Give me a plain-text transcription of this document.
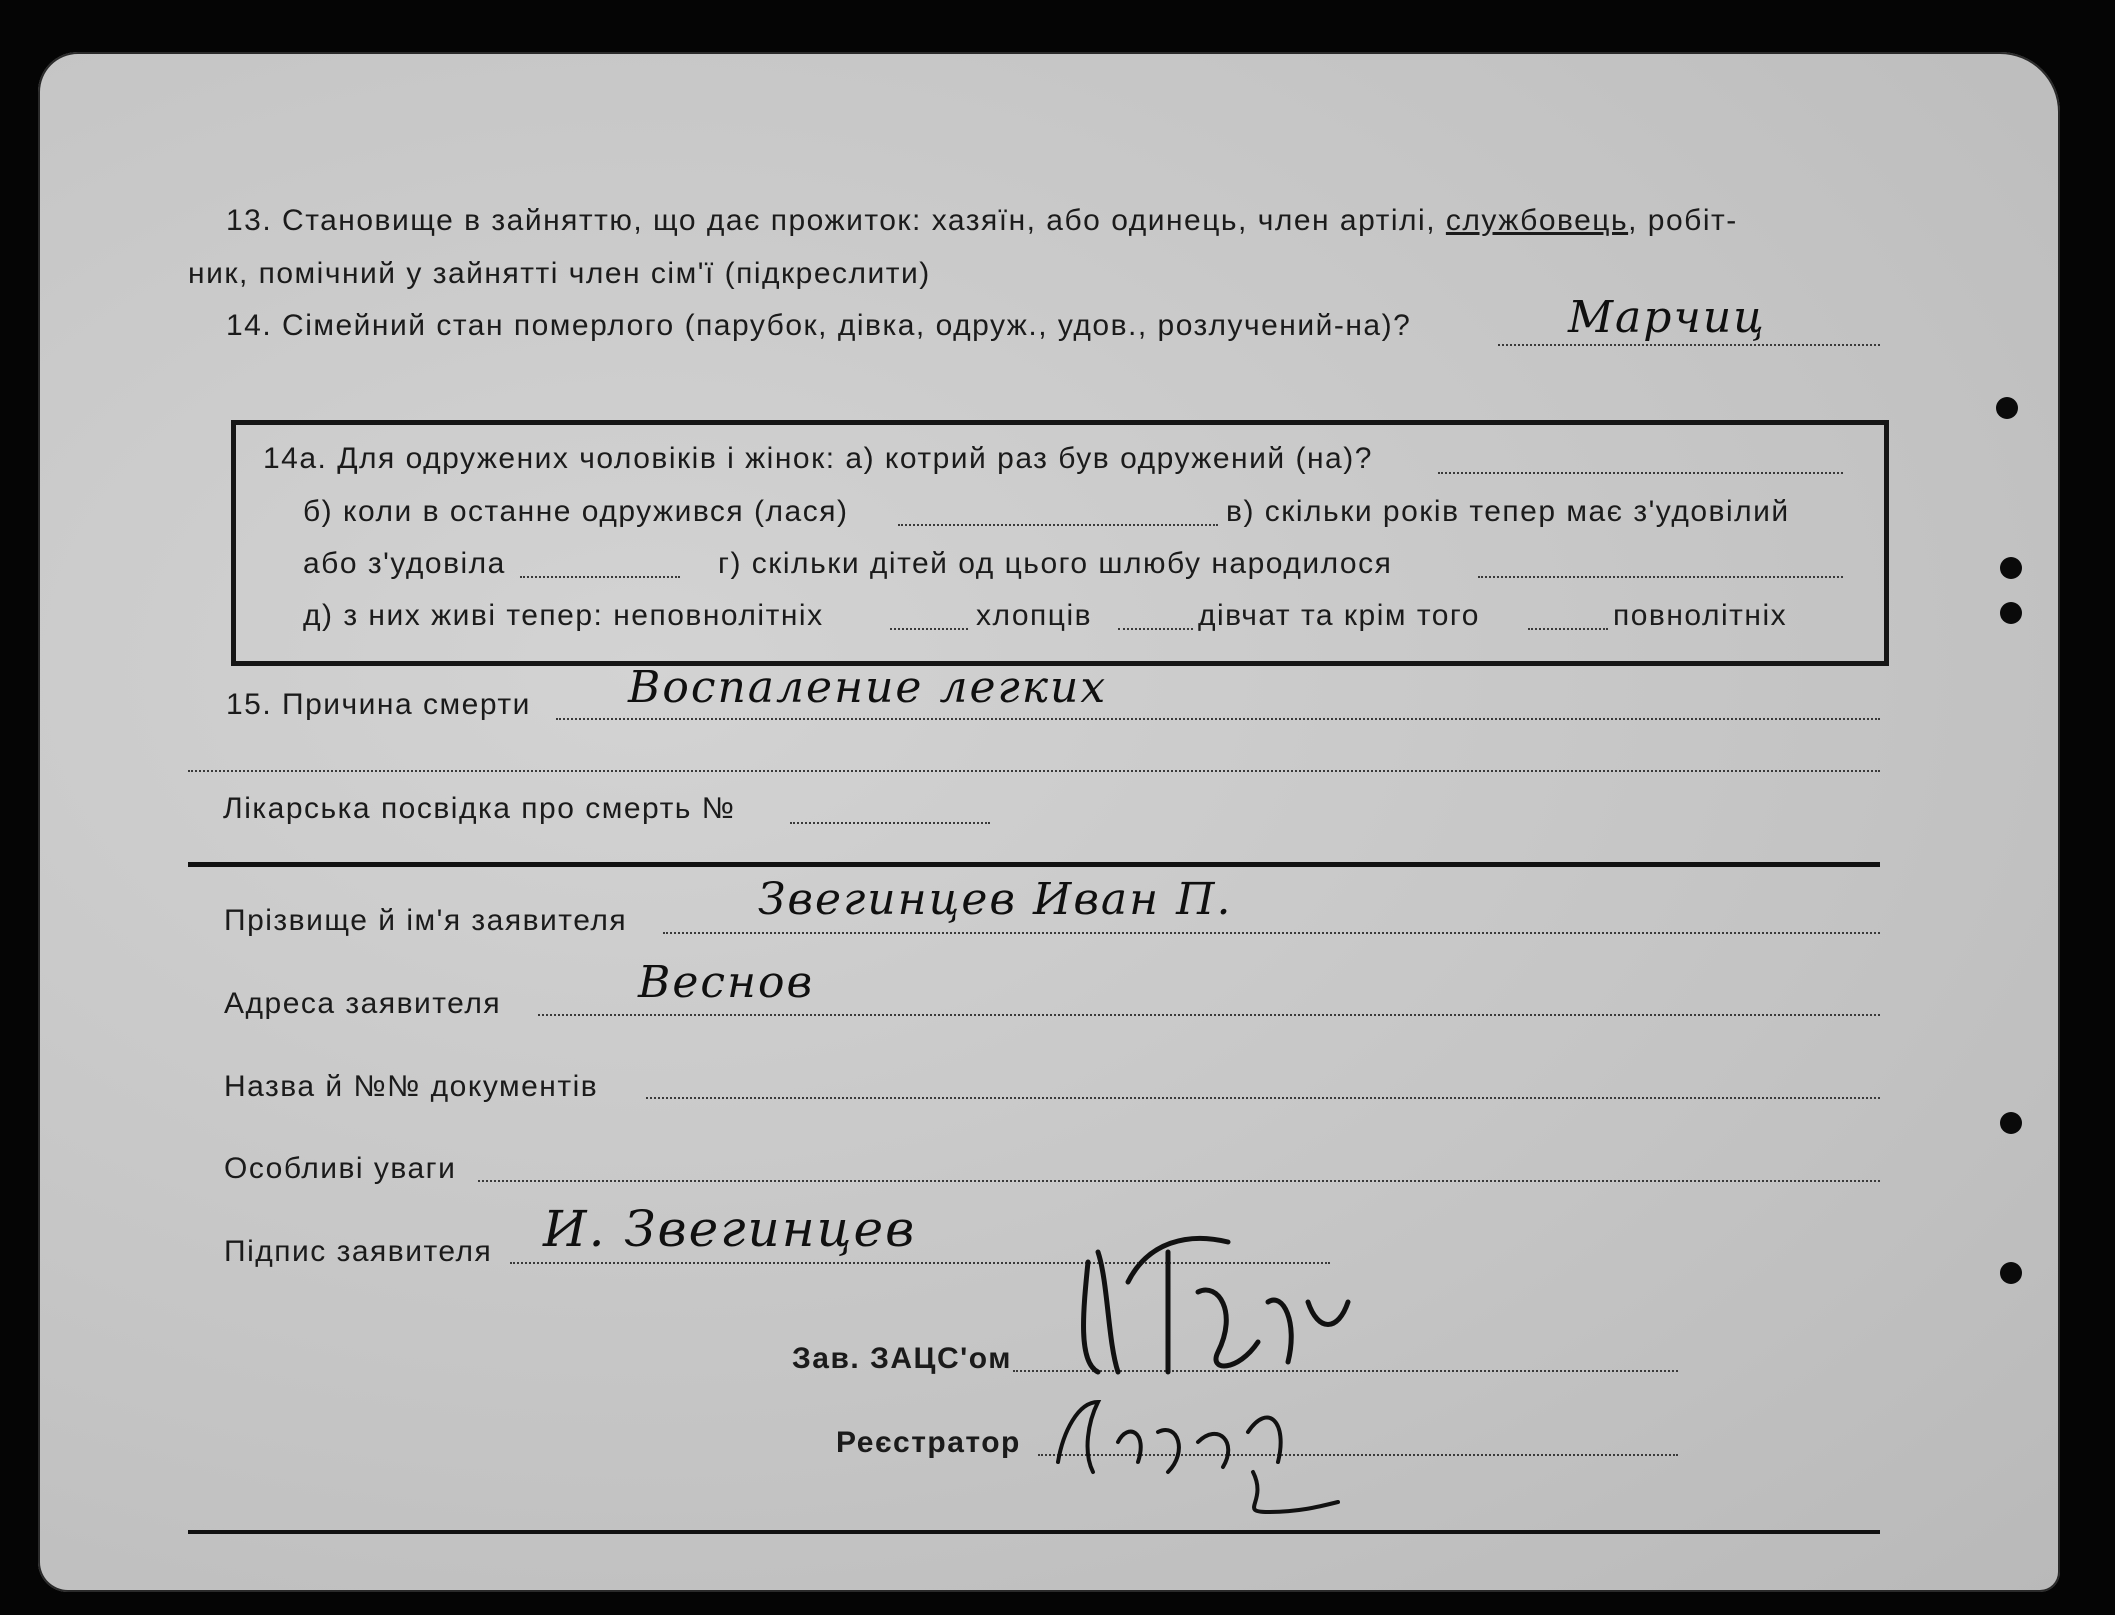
13. Становище в зайняттю, що дає прожиток: хазяїн, або одинець, член артілі, службовець, робіт-
ник, помічний у зайнятті член сім'ї (підкреслити)
14. Сімейний стан померлого (парубок, дівка, одруж., удов., розлучений-на)?	Марчиц
14а. Для одружених чоловіків і жінок: а) котрий раз був одружений (на)?
б) коли в останне одружився (лася)	в) скільки років тепер має з'удовілий
або з'удовіла	г) скільки дітей од цього шлюбу народилося
д) з них живі тепер: неповнолітніх	хлопців	дівчат та крім того	повнолітніх
15. Причина смерти Воспаление легких
Лікарська посвідка про смерть №
Прізвище й ім'я заявителя	Звегинцев Иван П.
Адреса заявителя	Веснов
Назва й №№ документів
Особливі уваги
Підпис заявителя И. Звегинцев
Зав. ЗАЦС'ом
Реєстратор
